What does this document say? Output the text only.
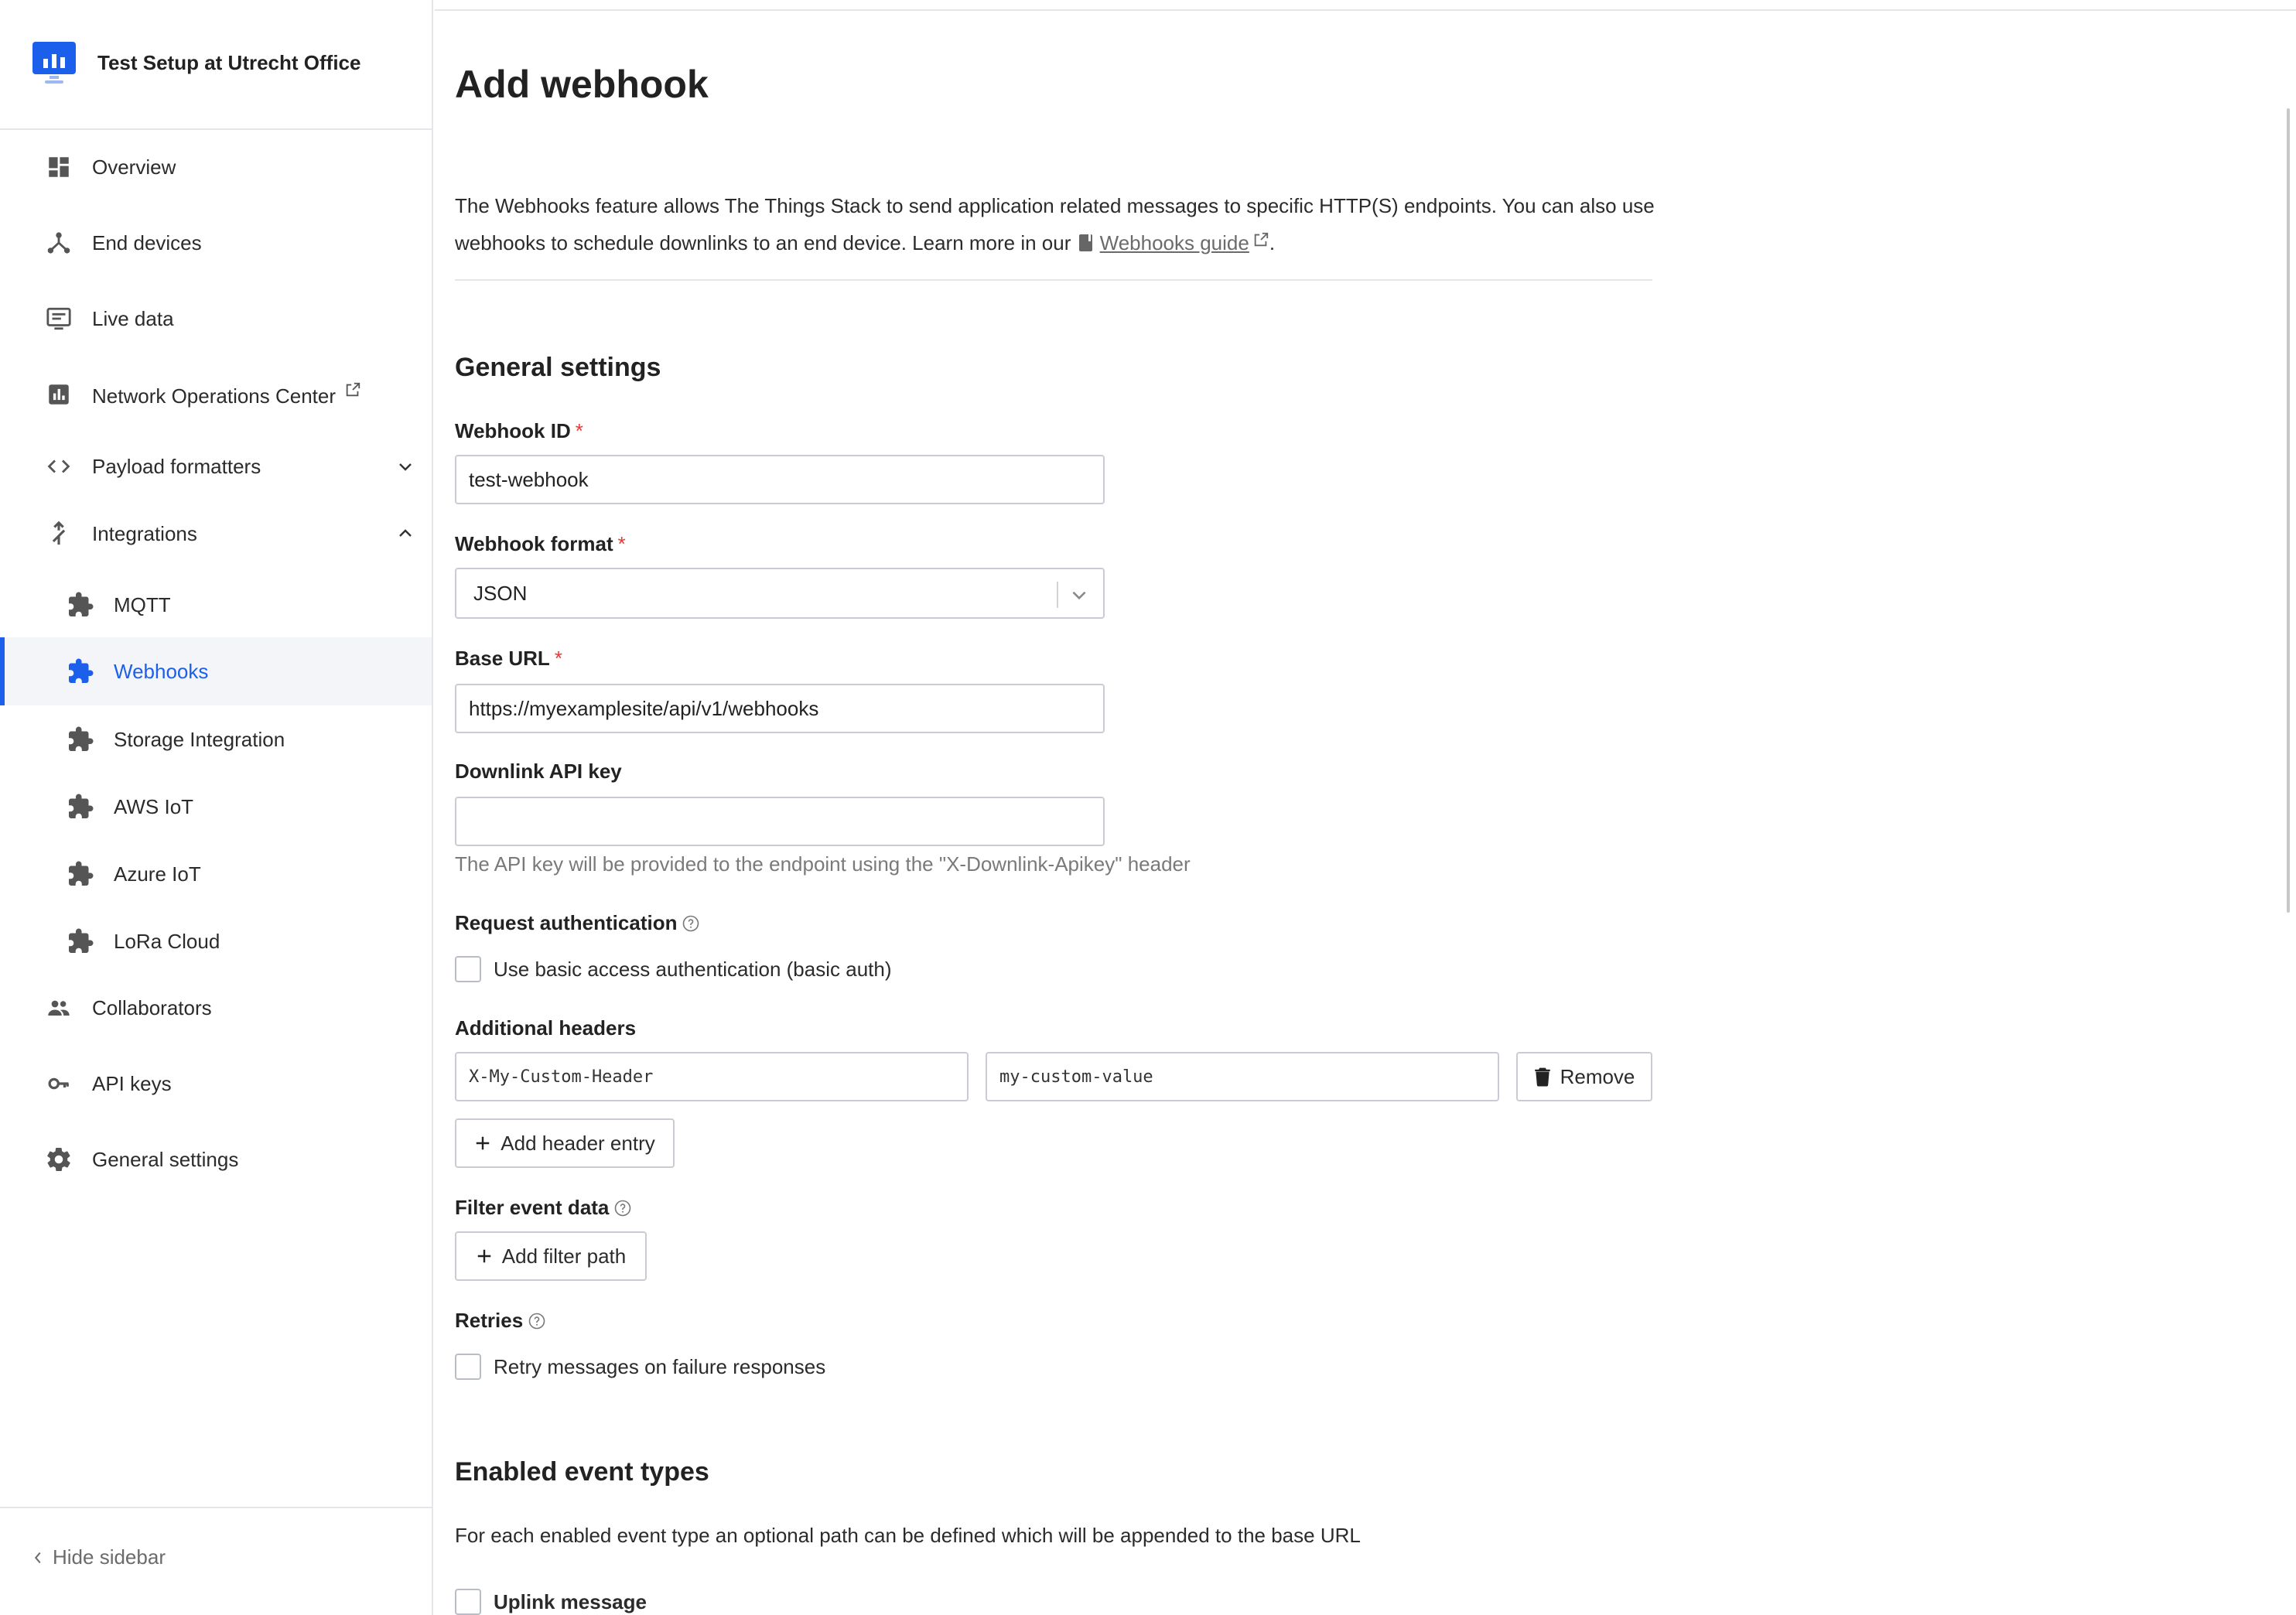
Test Setup at Utrecht Office
Overview
End devices
Live data
Network Operations Center
Payload formatters
Integrations
MQTT
Webhooks
Storage Integration
AWS IoT
Azure IoT
LoRa Cloud
Collaborators
API keys
General settings
Hide sidebar
Add webhook

The Webhooks feature allows The Things Stack to send application related messages to specific HTTP(S) endpoints. You can also use webhooks to schedule downlinks to an end device. Learn more in our Webhooks guide .

General settings
Webhook ID *
test-webhook
Webhook format *
JSON
Base URL *
https://myexamplesite/api/v1/webhooks
Downlink API key
The API key will be provided to the endpoint using the "X-Downlink-Apikey" header
Request authentication
Use basic access authentication (basic auth)
Additional headers
X-My-Custom-Header
my-custom-value
Remove
Add header entry
Filter event data
Add filter path
Retries
Retry messages on failure responses
Enabled event types
For each enabled event type an optional path can be defined which will be appended to the base URL
Uplink message
